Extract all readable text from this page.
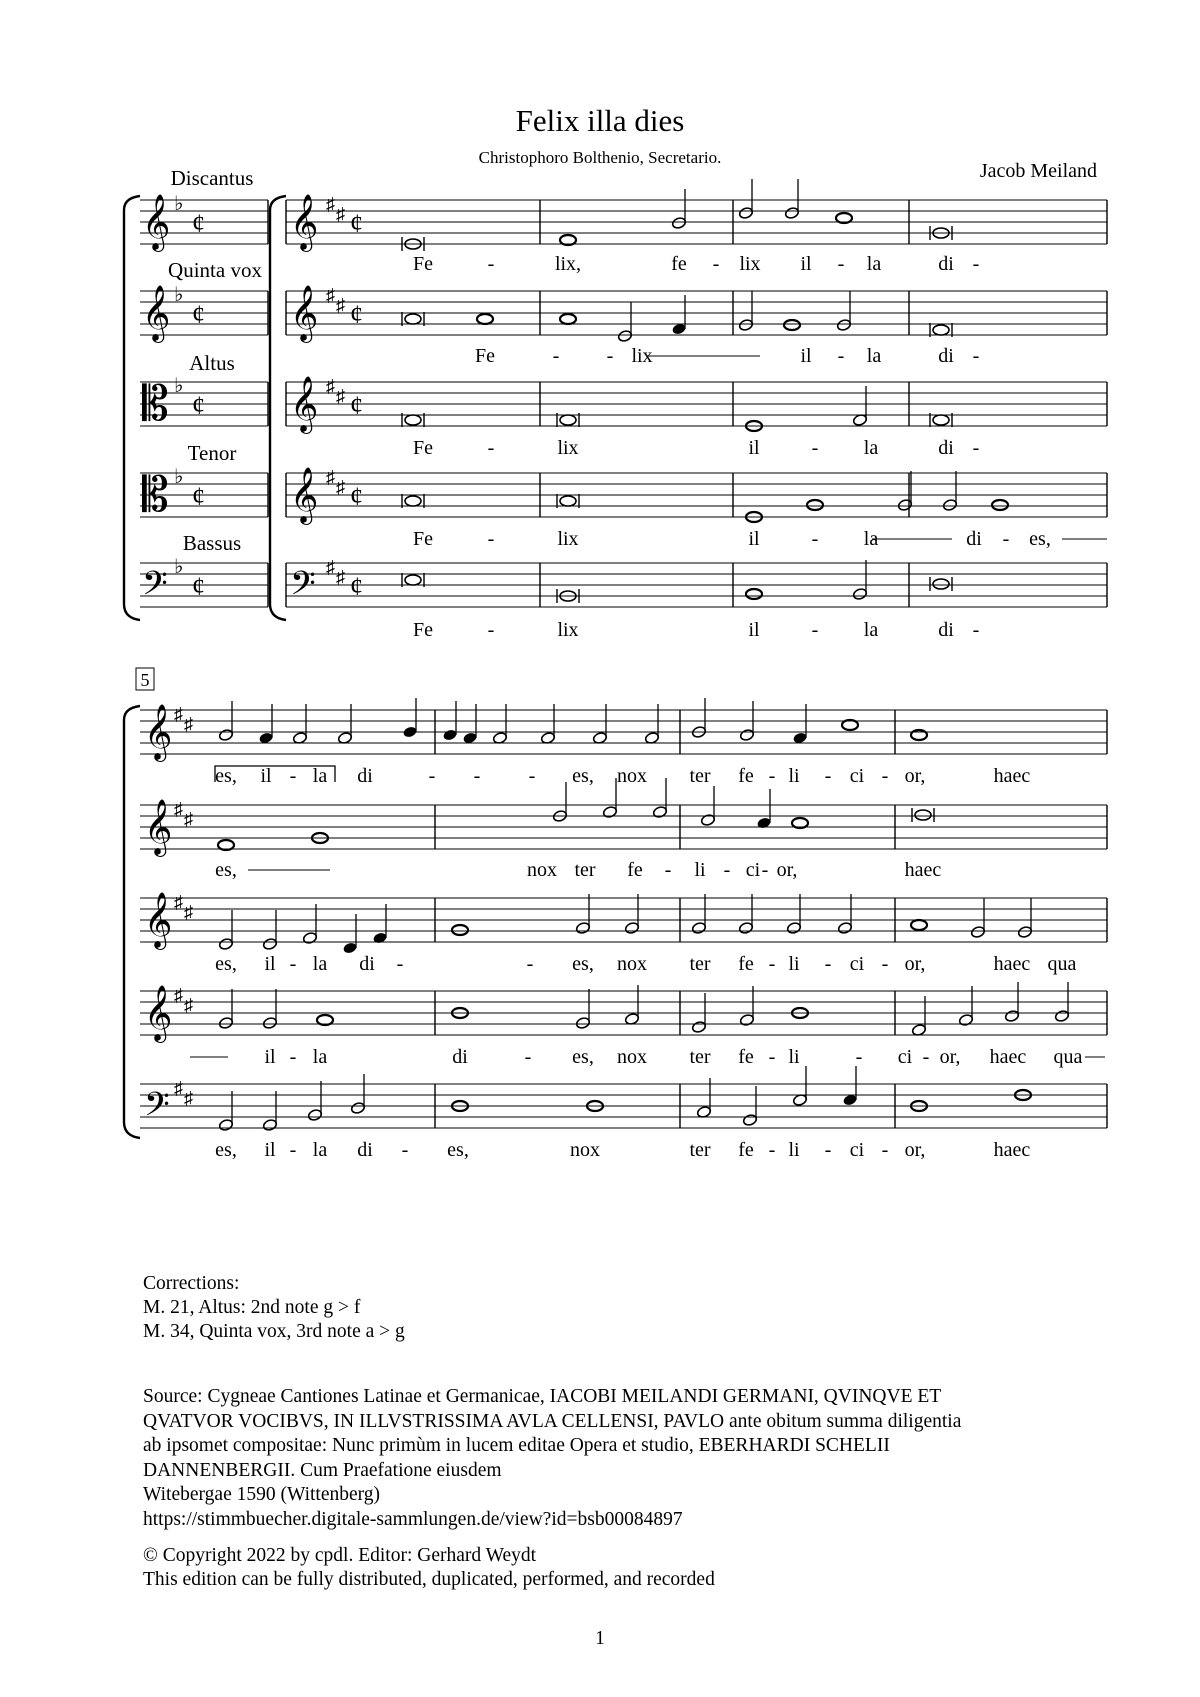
Felix illa dies
Christophoro Bolthenio, Secretario.
Jacob Meiland
𝄞 ♭
¢ 𝄞 ♯ ♯ ¢
𝄞 ♭
¢ 𝄞 ♯ ♯ ¢
𝄡 ♭
¢ 𝄞 ♯ ♯ ¢
𝄡 ♭
¢ 𝄞 ♯ ♯ ¢
𝄢 ♭
¢ 𝄢 ♯ ♯ ¢
𝄞 ♯ ♯
𝄞 ♯ ♯
𝄞 ♯ ♯
𝄞 ♯ ♯
𝄢 ♯ ♯
Discantus
Quinta vox
Altus
Tenor
Bassus
Fe	-	lix,	fe - lix il - la	di -
Fe	- - lix	il - la	di -
Fe	-	lix	il	- la	di -
Fe	-	lix	il	- la	di - es,
Fe	-	lix	il	- la	di -
5
es, il - la di	- - - es, nox ter fe - li - ci - or,	haec
es,	nox ter fe - li - ci - or,	haec
es, il - la di -	- es, nox ter fe - li - ci - or,	haec qua
il - la	di	- es, nox ter fe - li	- ci - or, haec qua
es, il - la di - es,	nox	ter fe - li - ci - or,	haec
Corrections:
M. 21, Altus: 2nd note g > f
M. 34, Quinta vox, 3rd note a > g
Source: Cygneae Cantiones Latinae et Germanicae, IACOBI MEILANDI GERMANI, QVINQVE ET
QVATVOR VOCIBVS, IN ILLVSTRISSIMA AVLA CELLENSI, PAVLO ante obitum summa diligentia
ab ipsomet compositae: Nunc primùm in lucem editae Opera et studio, EBERHARDI SCHELII
DANNENBERGII. Cum Praefatione eiusdem
Witebergae 1590 (Wittenberg)
https://stimmbuecher.digitale-sammlungen.de/view?id=bsb00084897
© Copyright 2022 by cpdl. Editor: Gerhard Weydt
This edition can be fully distributed, duplicated, performed, and recorded
1
